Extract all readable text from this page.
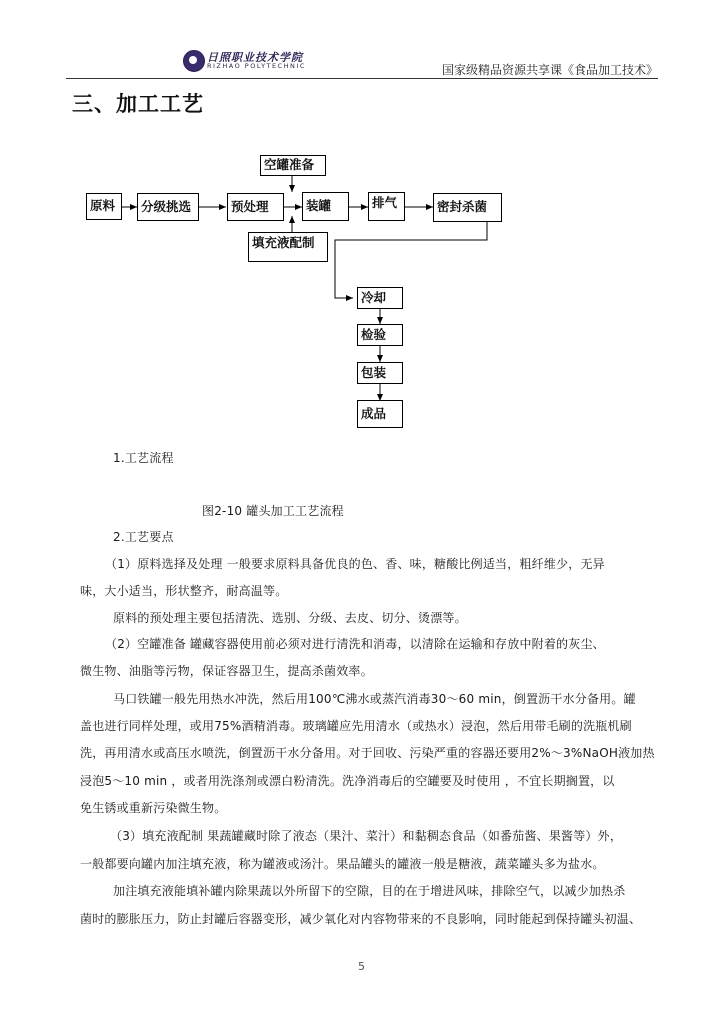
日照职业技术学院
RIZHAO POLYTECHNIC	国家级精品资源共享课《食品加工技术》
三、加工工艺
原料	分级挑选	预处理
空罐准备
装罐	排气	密封杀菌
填充液配制
冷却
检验
包装
成品
1.工艺流程
图2-10 罐头加工工艺流程
2.工艺要点
（1）原料选择及处理 一般要求原料具备优良的色、香、味，糖酸比例适当，粗纤维少，无异
味，大小适当，形状整齐，耐高温等。
原料的预处理主要包括清洗、选别、分级、去皮、切分、烫漂等。
（2）空罐准备 罐藏容器使用前必须对进行清洗和消毒，以清除在运输和存放中附着的灰尘、
微生物、油脂等污物，保证容器卫生，提高杀菌效率。
马口铁罐一般先用热水冲洗，然后用100℃沸水或蒸汽消毒30～60 min，倒置沥干水分备用。罐
盖也进行同样处理，或用75%酒精消毒。玻璃罐应先用清水（或热水）浸泡，然后用带毛刷的洗瓶机刷
洗，再用清水或高压水喷洗，倒置沥干水分备用。对于回收、污染严重的容器还要用2%～3%NaOH液加热
浸泡5～10 min ，或者用洗涤剂或漂白粉清洗。洗净消毒后的空罐要及时使用 ，不宜长期搁置，以
免生锈或重新污染微生物。
（3）填充液配制 果蔬罐藏时除了液态（果汁、菜汁）和黏稠态食品（如番茄酱、果酱等）外，
一般都要向罐内加注填充液，称为罐液或汤汁。果品罐头的罐液一般是糖液，蔬菜罐头多为盐水。
加注填充液能填补罐内除果蔬以外所留下的空隙，目的在于增进风味，排除空气，以减少加热杀
菌时的膨胀压力，防止封罐后容器变形，减少氧化对内容物带来的不良影响，同时能起到保持罐头初温、
5
